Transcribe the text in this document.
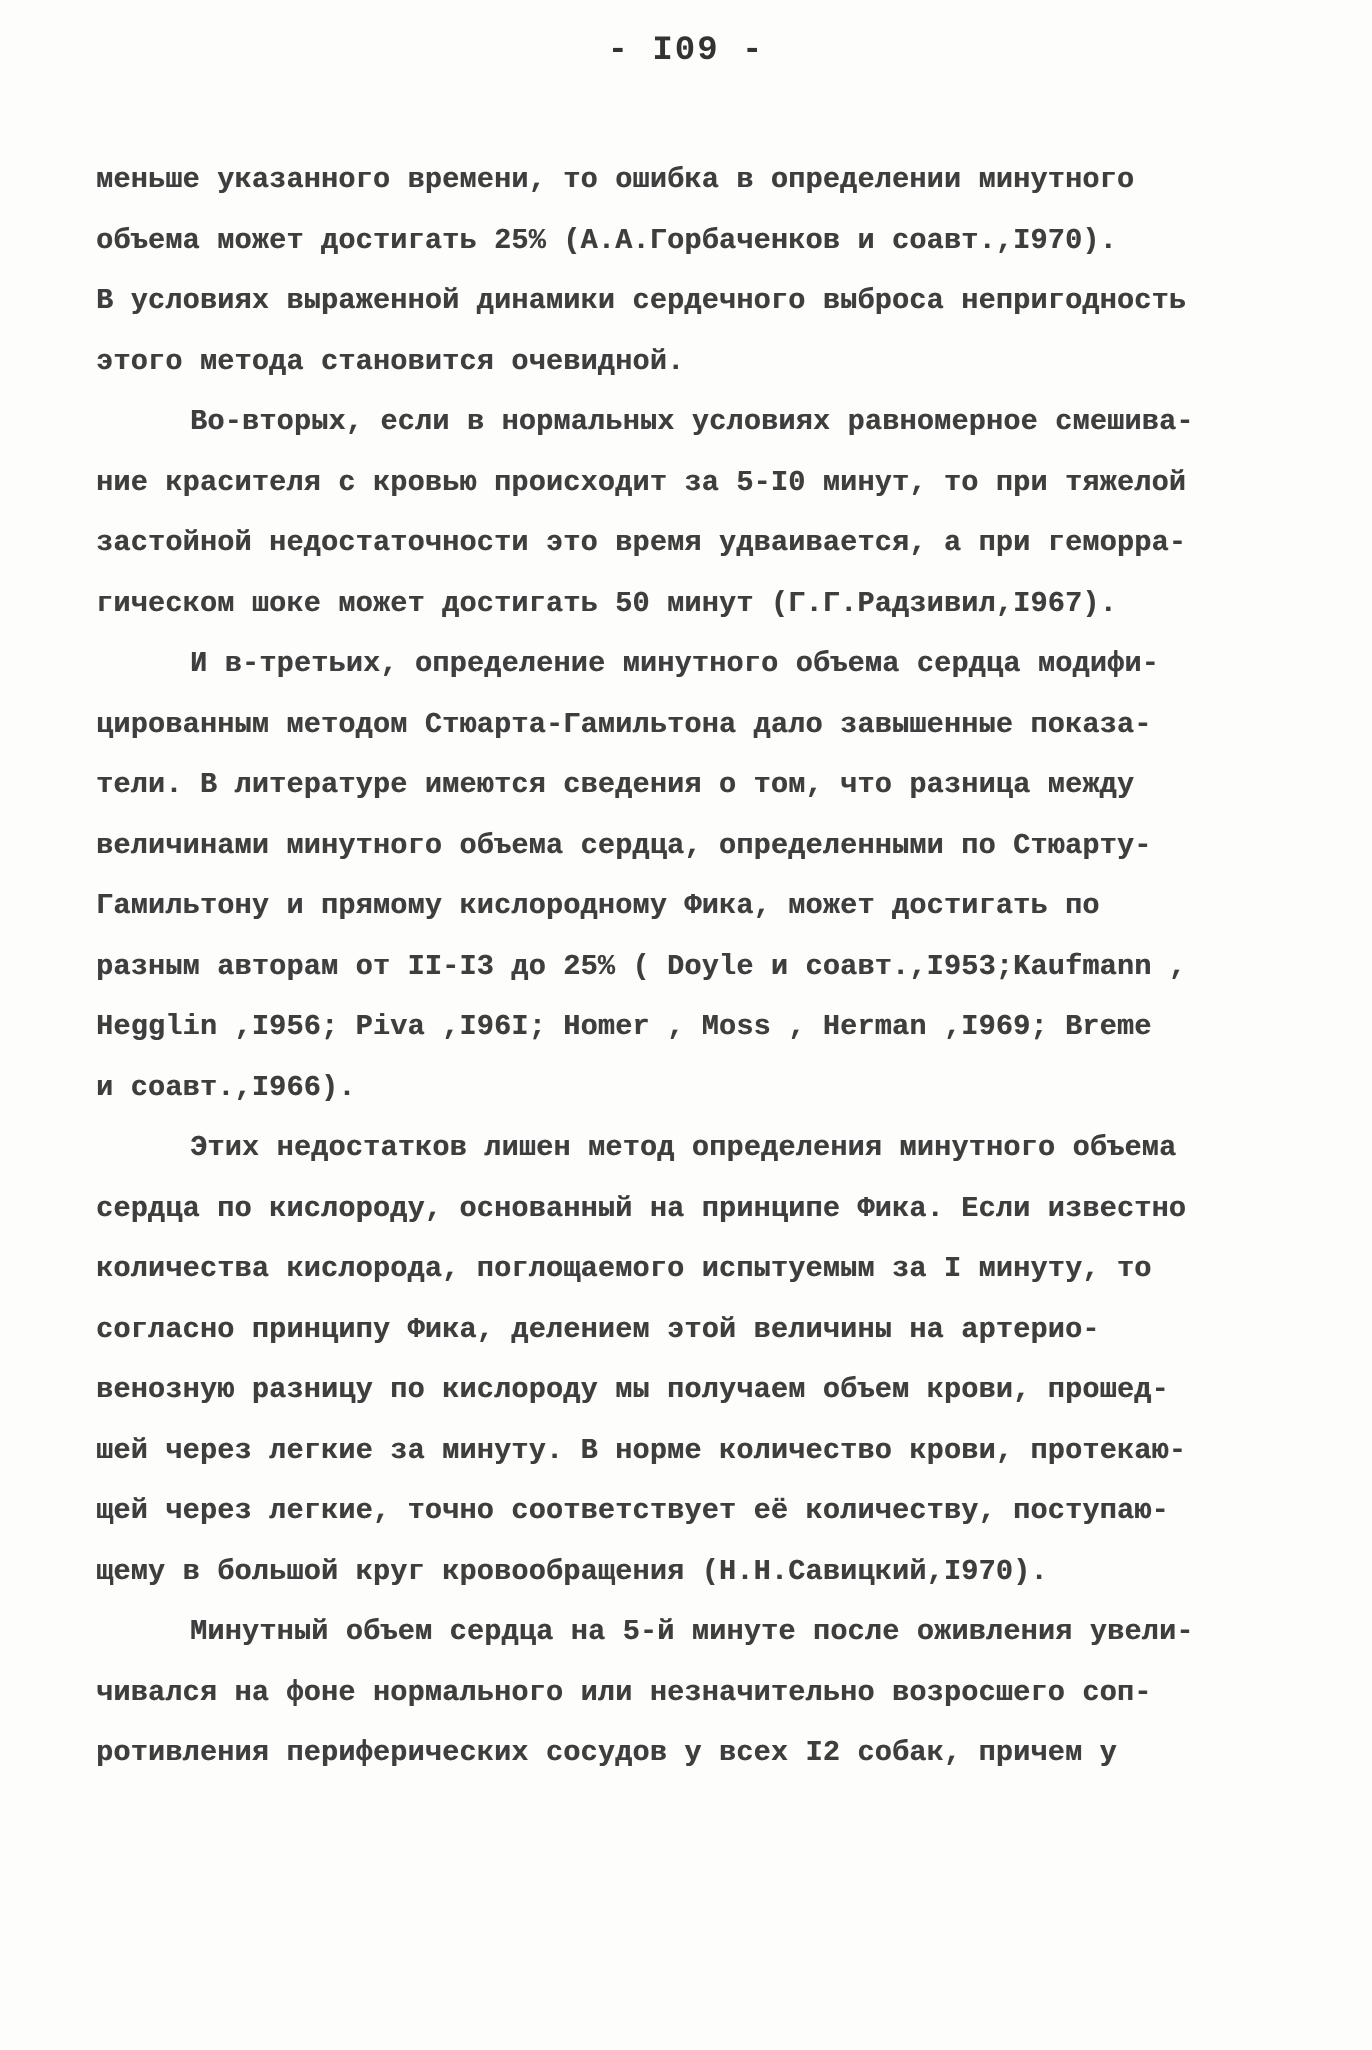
- I09 -
меньше указанного времени, то ошибка в определении минутного
объема может достигать 25% (А.А.Горбаченков и соавт.,I970).
В условиях выраженной динамики сердечного выброса непригодность
этого метода становится очевидной.
Во-вторых, если в нормальных условиях равномерное смешива-
ние красителя с кровью происходит за 5-I0 минут, то при тяжелой
застойной недостаточности это время удваивается, а при геморра-
гическом шоке может достигать 50 минут (Г.Г.Радзивил,I967).
И в-третьих, определение минутного объема сердца модифи-
цированным методом Стюарта-Гамильтона дало завышенные показа-
тели. В литературе имеются сведения о том, что разница между
величинами минутного объема сердца, определенными по Стюарту-
Гамильтону и прямому кислородному Фика, может достигать по
разным авторам от II-I3 до 25% ( Doyle и соавт.,I953;Kaufmann ,
Hegglin ,I956; Piva ,I96I; Homer , Moss , Herman ,I969; Breme
и соавт.,I966).
Этих недостатков лишен метод определения минутного объема
сердца по кислороду, основанный на принципе Фика. Если известно
количества кислорода, поглощаемого испытуемым за I минуту, то
согласно принципу Фика, делением этой величины на артерио-
венозную разницу по кислороду мы получаем объем крови, прошед-
шей через легкие за минуту. В норме количество крови, протекаю-
щей через легкие, точно соответствует её количеству, поступаю-
щему в большой круг кровообращения (Н.Н.Савицкий,I970).
Минутный объем сердца на 5-й минуте после оживления увели-
чивался на фоне нормального или незначительно возросшего соп-
ротивления периферических сосудов у всех I2 собак, причем у
